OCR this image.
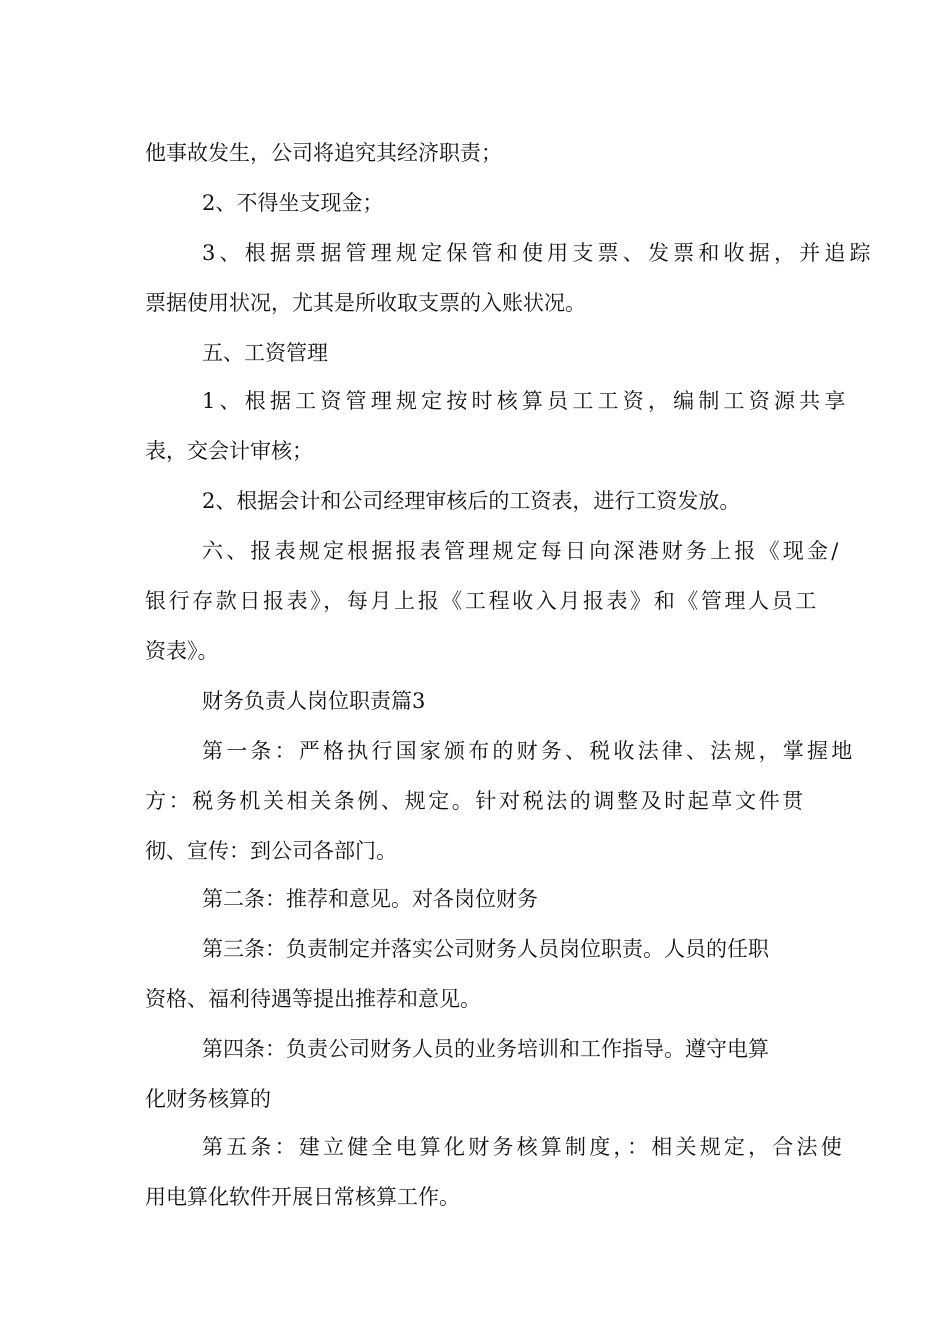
他事故发生，公司将追究其经济职责；
2、不得坐支现金；
3、根据票据管理规定保管和使用支票、发票和收据，并追踪
票据使用状况，尤其是所收取支票的入账状况。
五、工资管理
1、根据工资管理规定按时核算员工工资，编制工资源共享
表，交会计审核；
2、根据会计和公司经理审核后的工资表，进行工资发放。
六、报表规定根据报表管理规定每日向深港财务上报《现金/
银行存款日报表》，每月上报《工程收入月报表》和《管理人员工
资表》。
财务负责人岗位职责篇3
第一条：严格执行国家颁布的财务、税收法律、法规，掌握地
方：税务机关相关条例、规定。针对税法的调整及时起草文件贯
彻、宣传：到公司各部门。
第二条：推荐和意见。对各岗位财务
第三条：负责制定并落实公司财务人员岗位职责。人员的任职
资格、福利待遇等提出推荐和意见。
第四条：负责公司财务人员的业务培训和工作指导。遵守电算
化财务核算的
第五条：建立健全电算化财务核算制度，：相关规定，合法使
用电算化软件开展日常核算工作。
